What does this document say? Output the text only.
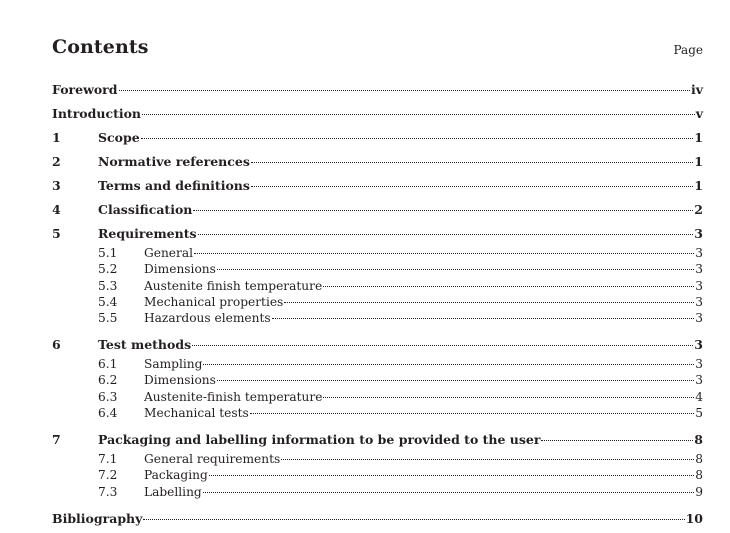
Contents	Page
Foreword	iv
Introduction	v
1	Scope	1
2	Normative references	1
3	Terms and definitions	1
4	Classification	2
5	Requirements	3
5.1	General	3
5.2	Dimensions	3
5.3	Austenite finish temperature	3
5.4	Mechanical properties	3
5.5	Hazardous elements	3
6	Test methods	3
6.1	Sampling	3
6.2	Dimensions	3
6.3	Austenite-finish temperature	4
6.4	Mechanical tests	5
7	Packaging and labelling information to be provided to the user	8
7.1	General requirements	8
7.2	Packaging	8
7.3	Labelling	9
Bibliography	10
